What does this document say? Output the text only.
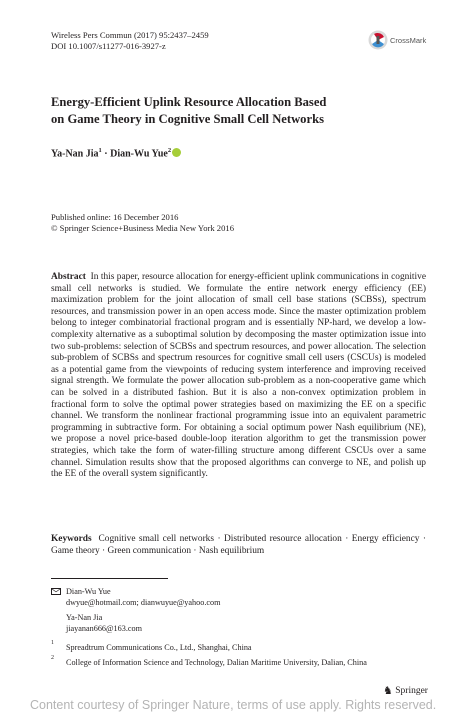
Wireless Pers Commun (2017) 95:2437–2459
DOI 10.1007/s11277-016-3927-z
CrossMark
Energy-Efficient Uplink Resource Allocation Based
on Game Theory in Cognitive Small Cell Networks
Ya-Nan Jia$^1$ · Dian-Wu Yue$^2$
Published online: 16 December 2016
© Springer Science+Business Media New York 2016
Abstract In this paper, resource allocation for energy-efficient uplink communications in cognitive small cell networks is studied. We formulate the entire network energy efficiency (EE) maximization problem for the joint allocation of small cell base stations (SCBSs), spectrum resources, and transmission power in an open access mode. Since the master optimization problem belong to integer combinatorial fractional program and is essentially NP-hard, we develop a low-complexity alternative as a suboptimal solution by decomposing the master optimization issue into two sub-problems: selection of SCBSs and spectrum resources, and power allocation. The selection sub-problem of SCBSs and spectrum resources for cognitive small cell users (CSCUs) is modeled as a potential game from the viewpoints of reducing system interference and improving received signal strength. We formulate the power allocation sub-problem as a non-cooperative game which can be solved in a distributed fashion. But it is also a non-convex optimization problem in fractional form to solve the optimal power strategies based on maximizing the EE on a specific channel. We transform the nonlinear fractional programming issue into an equivalent parametric programming in subtractive form. For obtaining a social optimum power Nash equilibrium (NE), we propose a novel price-based double-loop iteration algorithm to get the transmission power strategies, which take the form of water-filling structure among different CSCUs over a same channel. Simulation results show that the proposed algorithms can converge to NE, and polish up the EE of the overall system significantly.
Keywords Cognitive small cell networks · Distributed resource allocation · Energy efficiency · Game theory · Green communication · Nash equilibrium
Dian-Wu Yue
dwyue@hotmail.com; dianwuyue@yahoo.com
Ya-Nan Jia
jiayanan666@163.com
1 Spreadtrum Communications Co., Ltd., Shanghai, China
2 College of Information Science and Technology, Dalian Maritime University, Dalian, China
♞ Springer
Content courtesy of Springer Nature, terms of use apply. Rights reserved.
